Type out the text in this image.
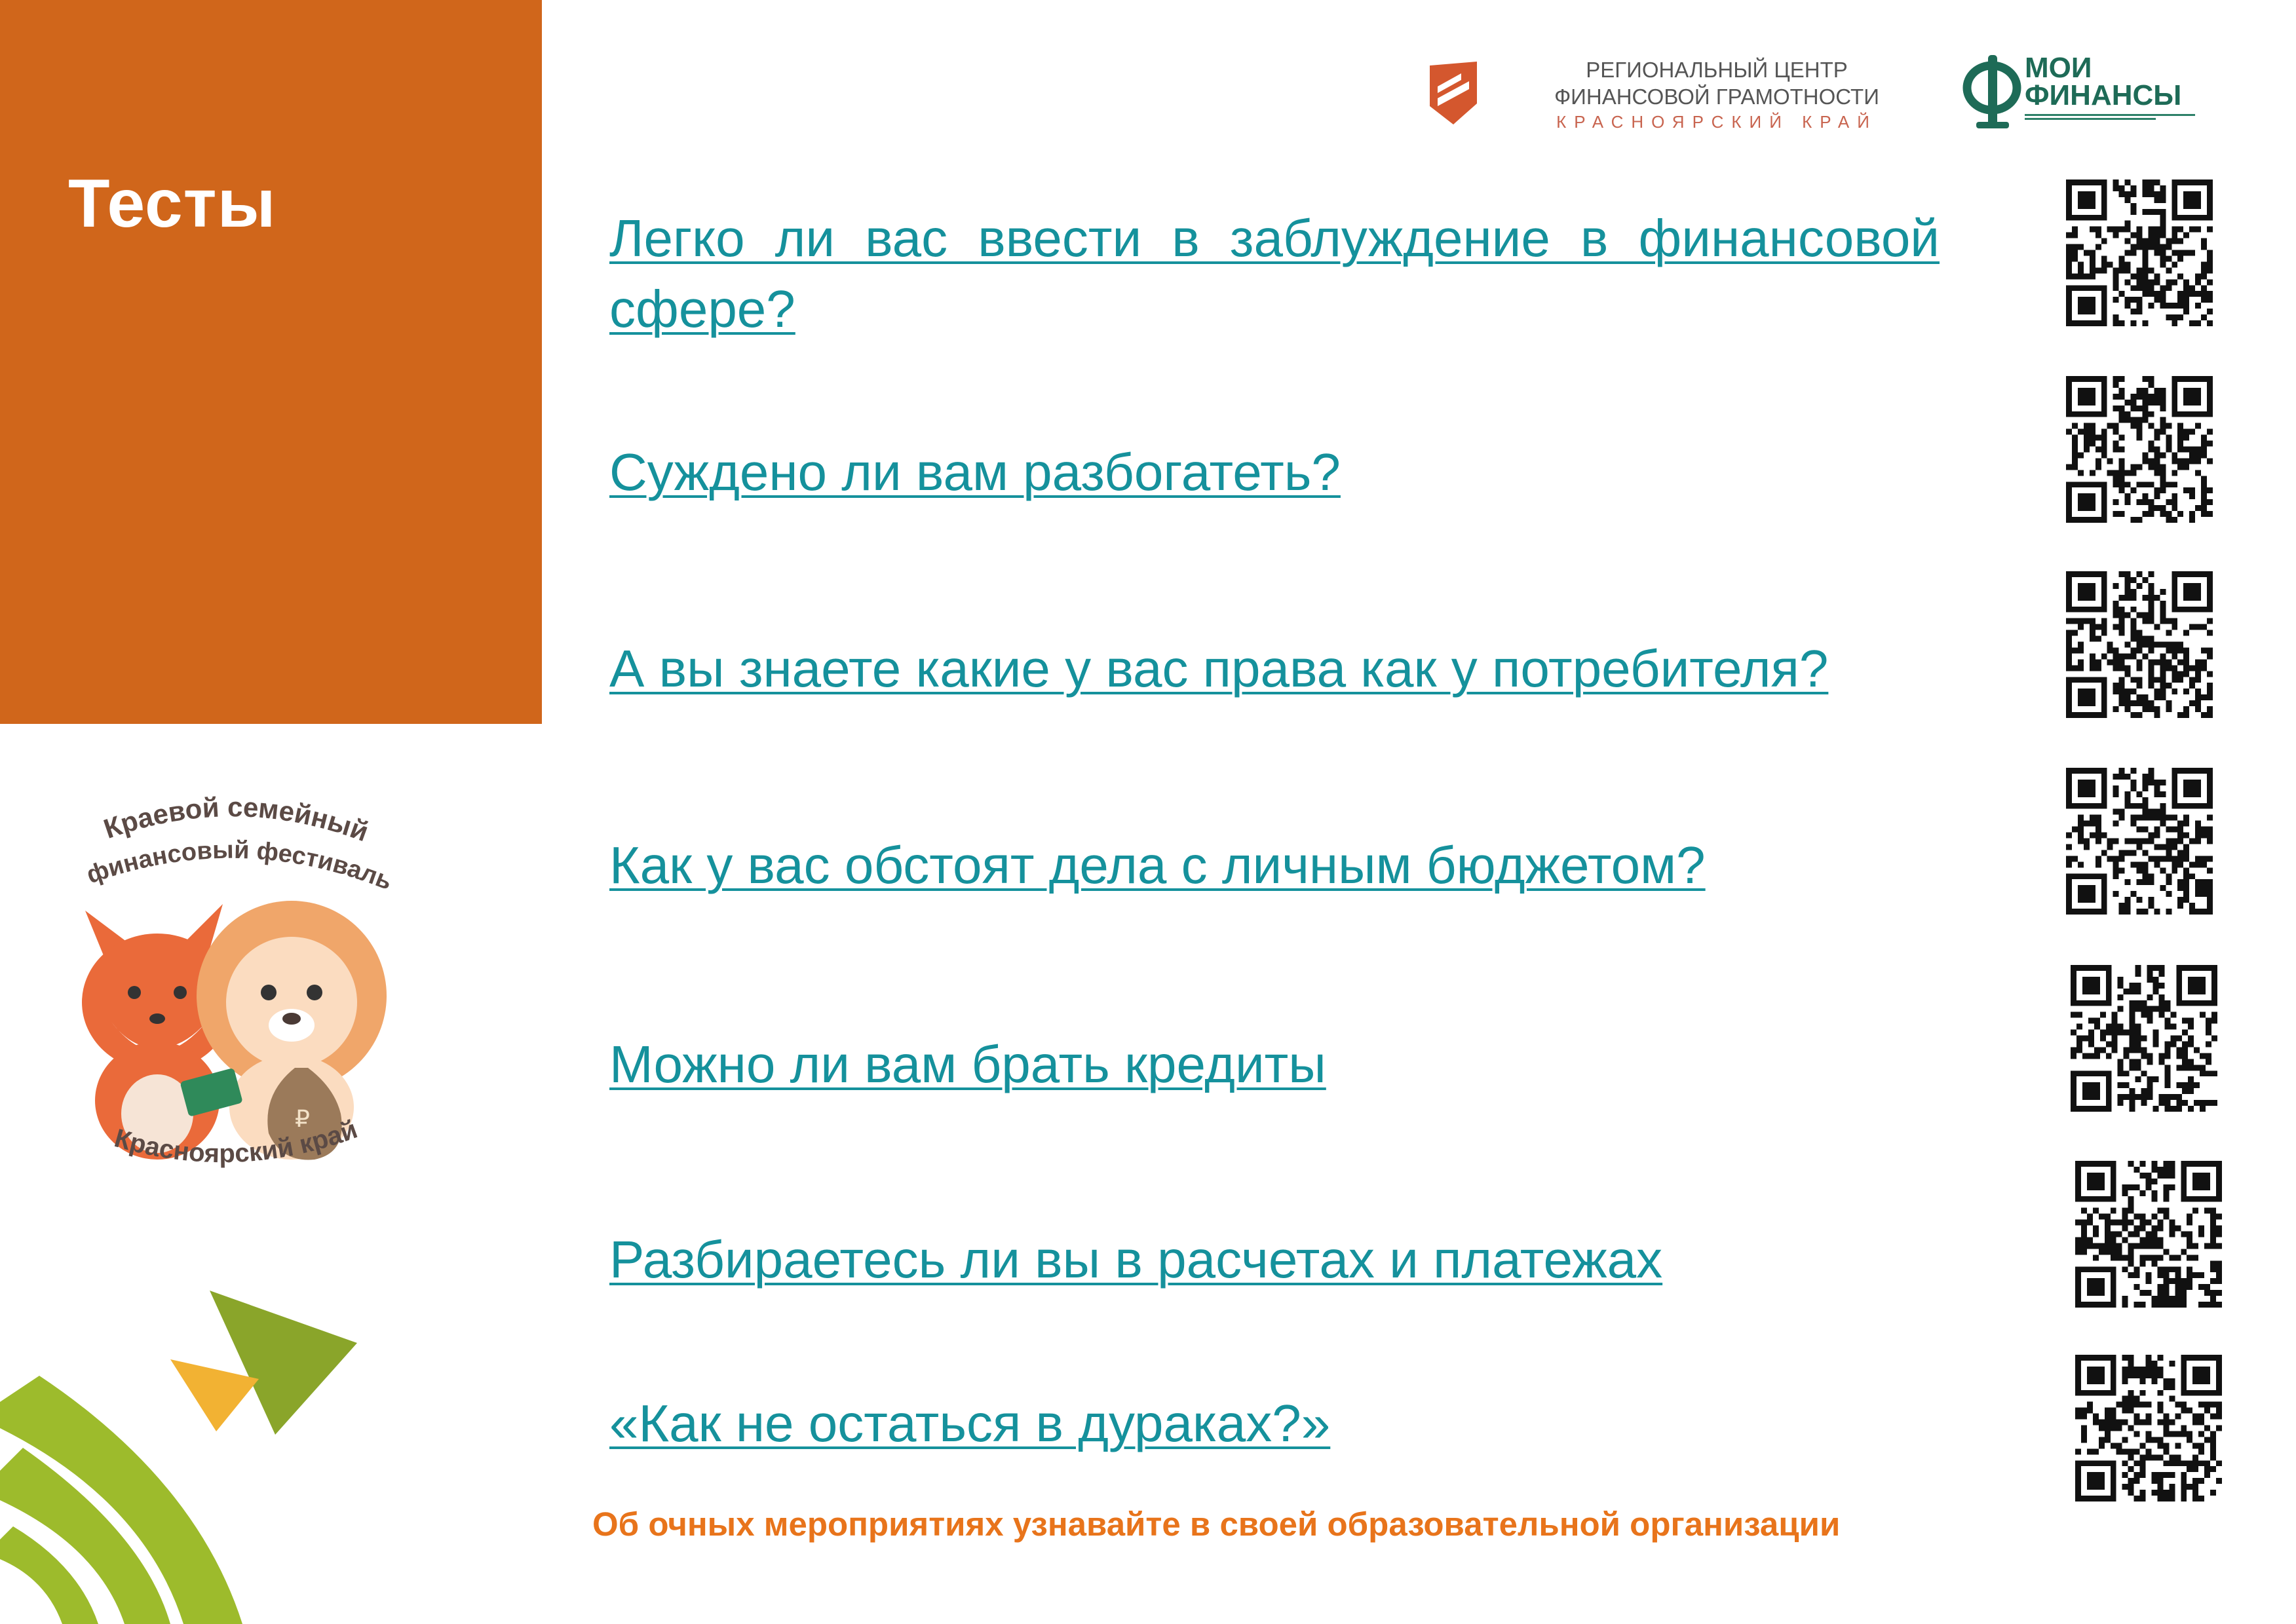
Тесты
РЕГИОНАЛЬНЫЙ ЦЕНТР
ФИНАНСОВОЙ ГРАМОТНОСТИ
КРАСНОЯРСКИЙ КРАЙ
МОИ
ФИНАНСЫ
Легко ли вас ввести в заблуждение в финансовой сфере?
Суждено ли вам разбогатеть?
А вы знаете какие у вас права как у потребителя?
Как у вас обстоят дела с личным бюджетом?
Можно ли вам брать кредиты
Разбираетесь ли вы в расчетах и платежах
«Как не остаться в дураках?»
Краевой семейный
финансовый фестиваль
₽
Красноярский край
Об очных мероприятиях узнавайте в своей образовательной организации
